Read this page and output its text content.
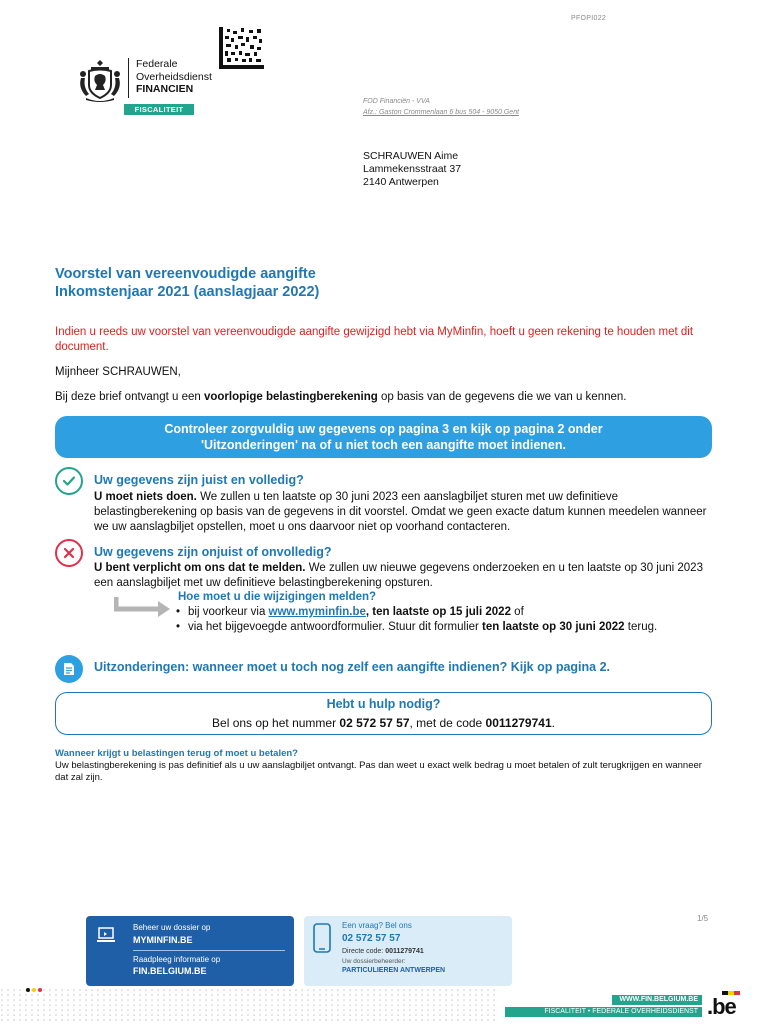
PFOPI022
Federale
Overheidsdienst
FINANCIEN
FISCALITEIT
FOD Financiën - VVA
Afz.: Gaston Crommenlaan 6 bus 504 - 9050 Gent
SCHRAUWEN Aime
Lammekensstraat 37
2140 Antwerpen
Voorstel van vereenvoudigde aangifte
Inkomstenjaar 2021 (aanslagjaar 2022)
Indien u reeds uw voorstel van vereenvoudigde aangifte gewijzigd hebt via MyMinfin, hoeft u geen rekening te houden met dit document.
Mijnheer SCHRAUWEN,
Bij deze brief ontvangt u een voorlopige belastingberekening op basis van de gegevens die we van u kennen.
Controleer zorgvuldig uw gegevens op pagina 3 en kijk op pagina 2 onder
'Uitzonderingen' na of u niet toch een aangifte moet indienen.
Uw gegevens zijn juist en volledig?
U moet niets doen. We zullen u ten laatste op 30 juni 2023 een aanslagbiljet sturen met uw definitieve belastingberekening op basis van de gegevens in dit voorstel. Omdat we geen exacte datum kunnen meedelen wanneer we uw aanslagbiljet opstellen, moet u ons daarvoor niet op voorhand contacteren.
Uw gegevens zijn onjuist of onvolledig?
U bent verplicht om ons dat te melden. We zullen uw nieuwe gegevens onderzoeken en u ten laatste op 30 juni 2023 een aanslagbiljet met uw definitieve belastingberekening opsturen.
Hoe moet u die wijzigingen melden?
• bij voorkeur via www.myminfin.be, ten laatste op 15 juli 2022 of
• via het bijgevoegde antwoordformulier. Stuur dit formulier ten laatste op 30 juni 2022 terug.
Uitzonderingen: wanneer moet u toch nog zelf een aangifte indienen? Kijk op pagina 2.
Hebt u hulp nodig?
Bel ons op het nummer 02 572 57 57, met de code 0011279741.
Wanneer krijgt u belastingen terug of moet u betalen?
Uw belastingberekening is pas definitief als u uw aanslagbiljet ontvangt. Pas dan weet u exact welk bedrag u moet betalen of zult terugkrijgen en wanneer dat zal zijn.
1/5
Beheer uw dossier op
MYMINFIN.BE
Raadpleeg informatie op
FIN.BELGIUM.BE
Een vraag? Bel ons
02 572 57 57
Directe code: 0011279741
Uw dossierbeheerder:
PARTICULIEREN ANTWERPEN
WWW.FIN.BELGIUM.BE
FISCALITEIT • FEDERALE OVERHEIDSDIENST FINANCIËN
.be
